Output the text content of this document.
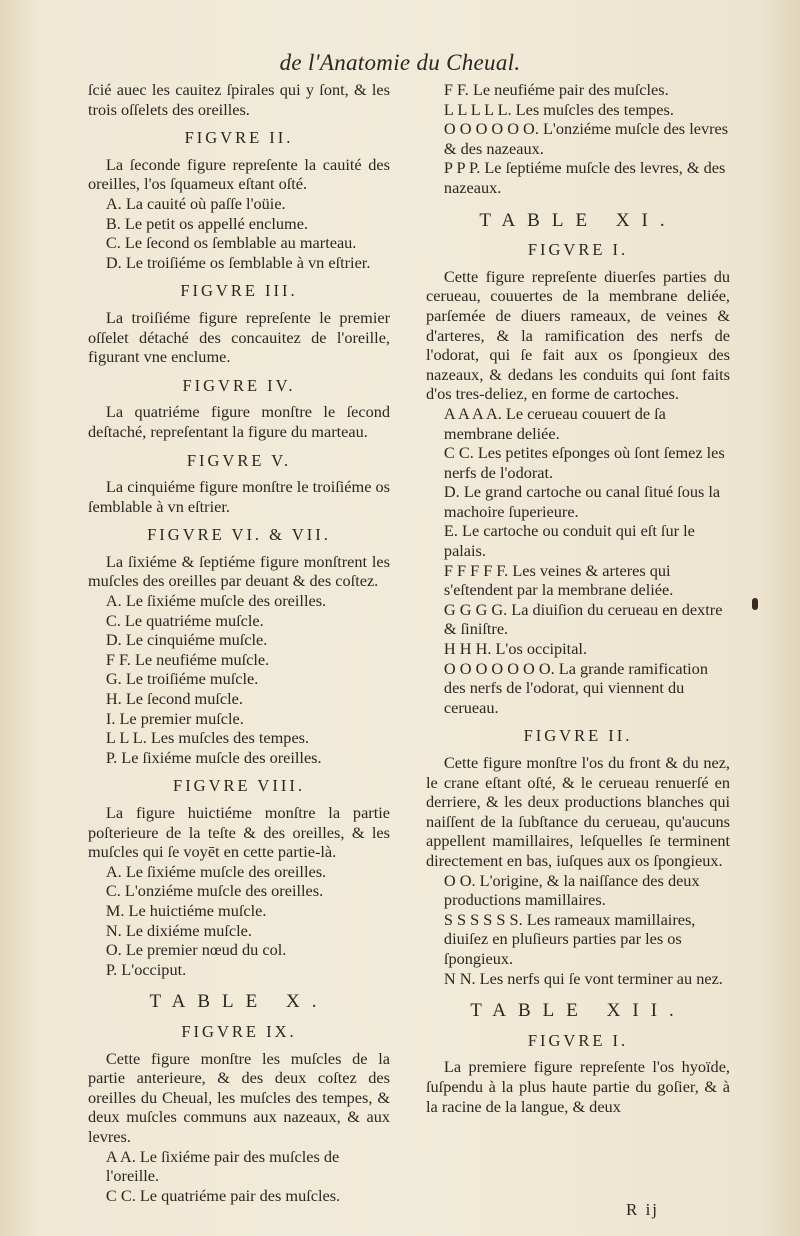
de l'Anatomie du Cheual.

ſcié auec les cauitez ſpirales qui y ſont, & les trois oſſelets des oreilles.

FIGVRE II.

La ſeconde figure repreſente la cauité des oreilles, l'os ſquameux eſtant oſté.

A. La cauité où paſſe l'oüie.

B. Le petit os appellé enclume.

C. Le ſecond os ſemblable au marteau.

D. Le troiſiéme os ſemblable à vn eſtrier.

FIGVRE III.

La troiſiéme figure repreſente le premier oſſelet détaché des concauitez de l'oreille, figurant vne enclume.

FIGVRE IV.

La quatriéme figure monſtre le ſecond deſtaché, repreſentant la figure du marteau.

FIGVRE V.

La cinquiéme figure monſtre le troiſiéme os ſemblable à vn eſtrier.

FIGVRE VI. & VII.

La ſixiéme & ſeptiéme figure monſtrent les muſcles des oreilles par deuant & des coſtez.

A. Le ſixiéme muſcle des oreilles.

C. Le quatriéme muſcle.

D. Le cinquiéme muſcle.

F F. Le neufiéme muſcle.

G. Le troiſiéme muſcle.

H. Le ſecond muſcle.

I. Le premier muſcle.

L L L. Les muſcles des tempes.

P. Le ſixiéme muſcle des oreilles.

FIGVRE VIII.

La figure huictiéme monſtre la partie poſterieure de la teſte & des oreilles, & les muſcles qui ſe voyēt en cette partie-là.

A. Le ſixiéme muſcle des oreilles.

C. L'onziéme muſcle des oreilles.

M. Le huictiéme muſcle.

N. Le dixiéme muſcle.

O. Le premier nœud du col.

P. L'occiput.

TABLE X.

FIGVRE IX.

Cette figure monſtre les muſcles de la partie anterieure, & des deux coſtez des oreilles du Cheual, les muſcles des tempes, & deux muſcles communs aux nazeaux, & aux levres.

A A. Le ſixiéme pair des muſcles de l'oreille.

C C. Le quatriéme pair des muſcles.

F F. Le neufiéme pair des muſcles.

L L L L L. Les muſcles des tempes.

O O O O O O. L'onziéme muſcle des levres & des nazeaux.

P P P. Le ſeptiéme muſcle des levres, & des nazeaux.

TABLE XI.

FIGVRE I.

Cette figure repreſente diuerſes parties du cerueau, couuertes de la membrane deliée, parſemée de diuers rameaux, de veines & d'arteres, & la ramification des nerfs de l'odorat, qui ſe fait aux os ſpongieux des nazeaux, & dedans les conduits qui ſont faits d'os tres-deliez, en forme de cartoches.

A A A A. Le cerueau couuert de ſa membrane deliée.

C C. Les petites eſponges où ſont ſemez les nerfs de l'odorat.

D. Le grand cartoche ou canal ſitué ſous la machoire ſuperieure.

E. Le cartoche ou conduit qui eſt ſur le palais.

F F F F F. Les veines & arteres qui s'eſtendent par la membrane deliée.

G G G G. La diuiſion du cerueau en dextre & ſiniſtre.

H H H. L'os occipital.

O O O O O O O. La grande ramification des nerfs de l'odorat, qui viennent du cerueau.

FIGVRE II.

Cette figure monſtre l'os du front & du nez, le crane eſtant oſté, & le cerueau renuerſé en derriere, & les deux productions blanches qui naiſſent de la ſubſtance du cerueau, qu'aucuns appellent mamillaires, leſquelles ſe terminent directement en bas, iuſques aux os ſpongieux.

O O. L'origine, & la naiſſance des deux productions mamillaires.

S S S S S S. Les rameaux mamillaires, diuiſez en pluſieurs parties par les os ſpongieux.

N N. Les nerfs qui ſe vont terminer au nez.

TABLE XII.

FIGVRE I.

La premiere figure repreſente l'os hyoïde, ſuſpendu à la plus haute partie du goſier, & à la racine de la langue, & deux

R ij
